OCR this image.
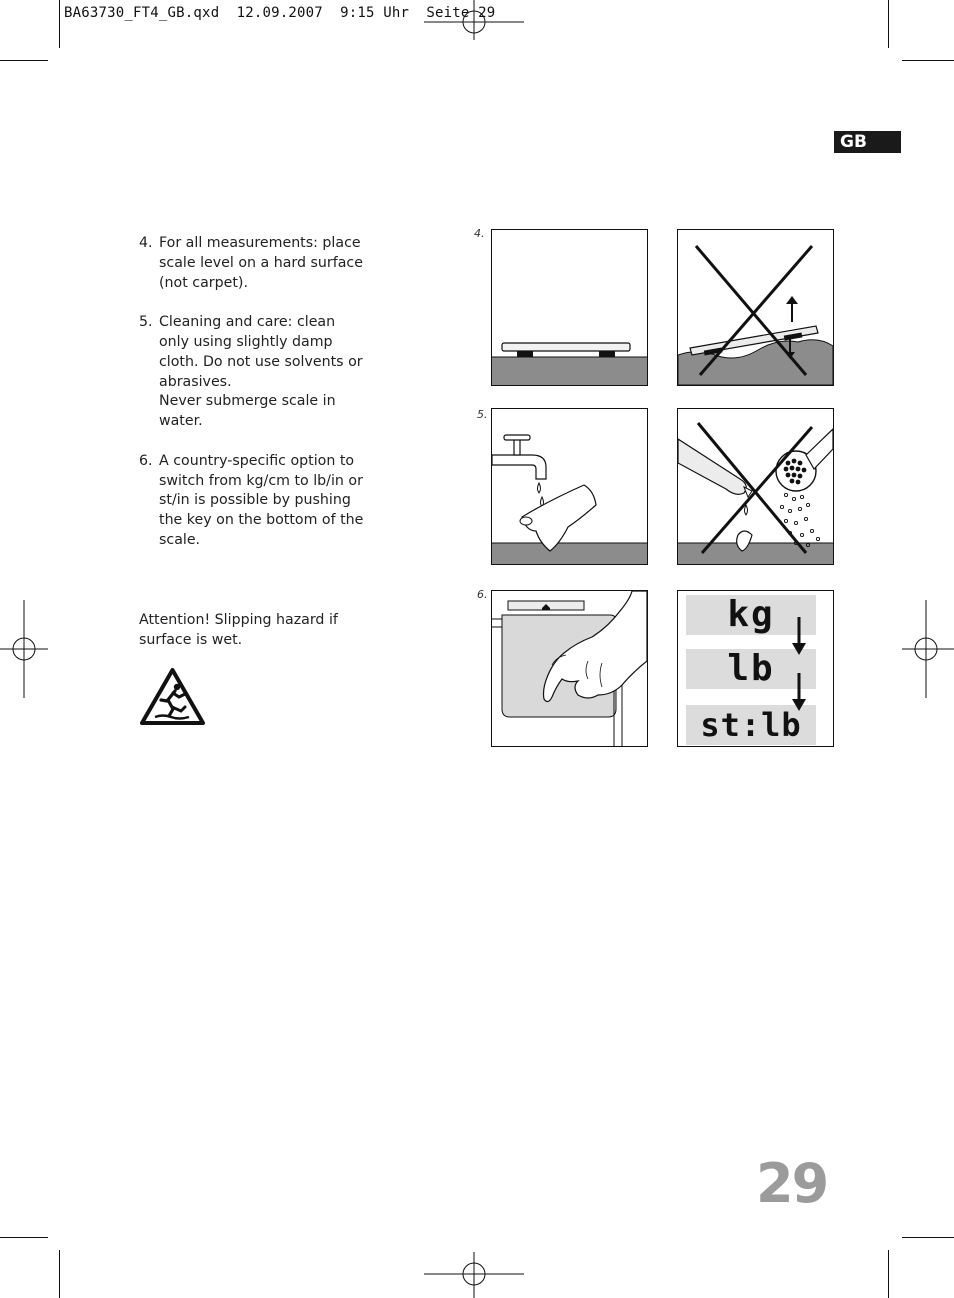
BA63730_FT4_GB.qxd  12.09.2007  9:15 Uhr  Seite 29
GB
4. For all measurements: place scale level on a hard surface (not carpet).
5. Cleaning and care: clean only using slightly damp cloth. Do not use solvents or abrasives.
Never submerge scale in water.
6. A country-specific option to switch from kg/cm to lb/in or st/in is possible by pushing the key on the bottom of the scale.
Attention! Slipping hazard if surface is wet.
4.
5.
6.	kg
lb
st:lb
29
